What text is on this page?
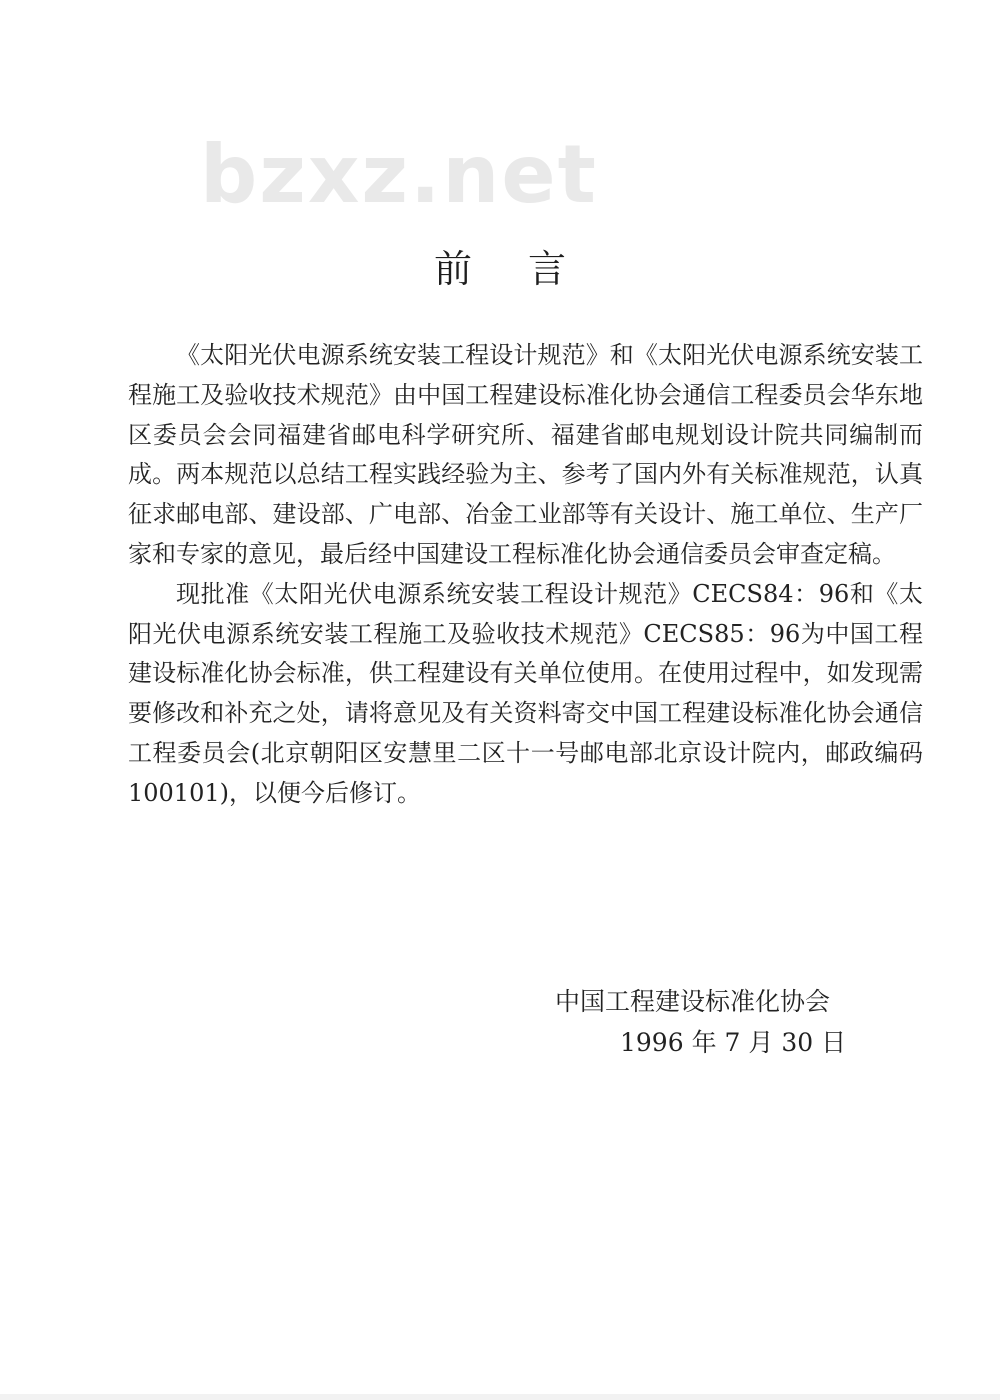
bzxz.net
前言

《太阳光伏电源系统安装工程设计规范》和《太阳光伏电源系统安装工程施工及验收技术规范》由中国工程建设标准化协会通信工程委员会华东地区委员会会同福建省邮电科学研究所、福建省邮电规划设计院共同编制而成。两本规范以总结工程实践经验为主、参考了国内外有关标准规范，认真征求邮电部、建设部、广电部、冶金工业部等有关设计、施工单位、生产厂家和专家的意见，最后经中国建设工程标准化协会通信委员会审查定稿。

现批准《太阳光伏电源系统安装工程设计规范》CECS84：96和《太阳光伏电源系统安装工程施工及验收技术规范》CECS85：96为中国工程建设标准化协会标准，供工程建设有关单位使用。在使用过程中，如发现需要修改和补充之处，请将意见及有关资料寄交中国工程建设标准化协会通信工程委员会(北京朝阳区安慧里二区十一号邮电部北京设计院内，邮政编码 100101)，以便今后修订。

中国工程建设标准化协会
1996 年 7 月 30 日
